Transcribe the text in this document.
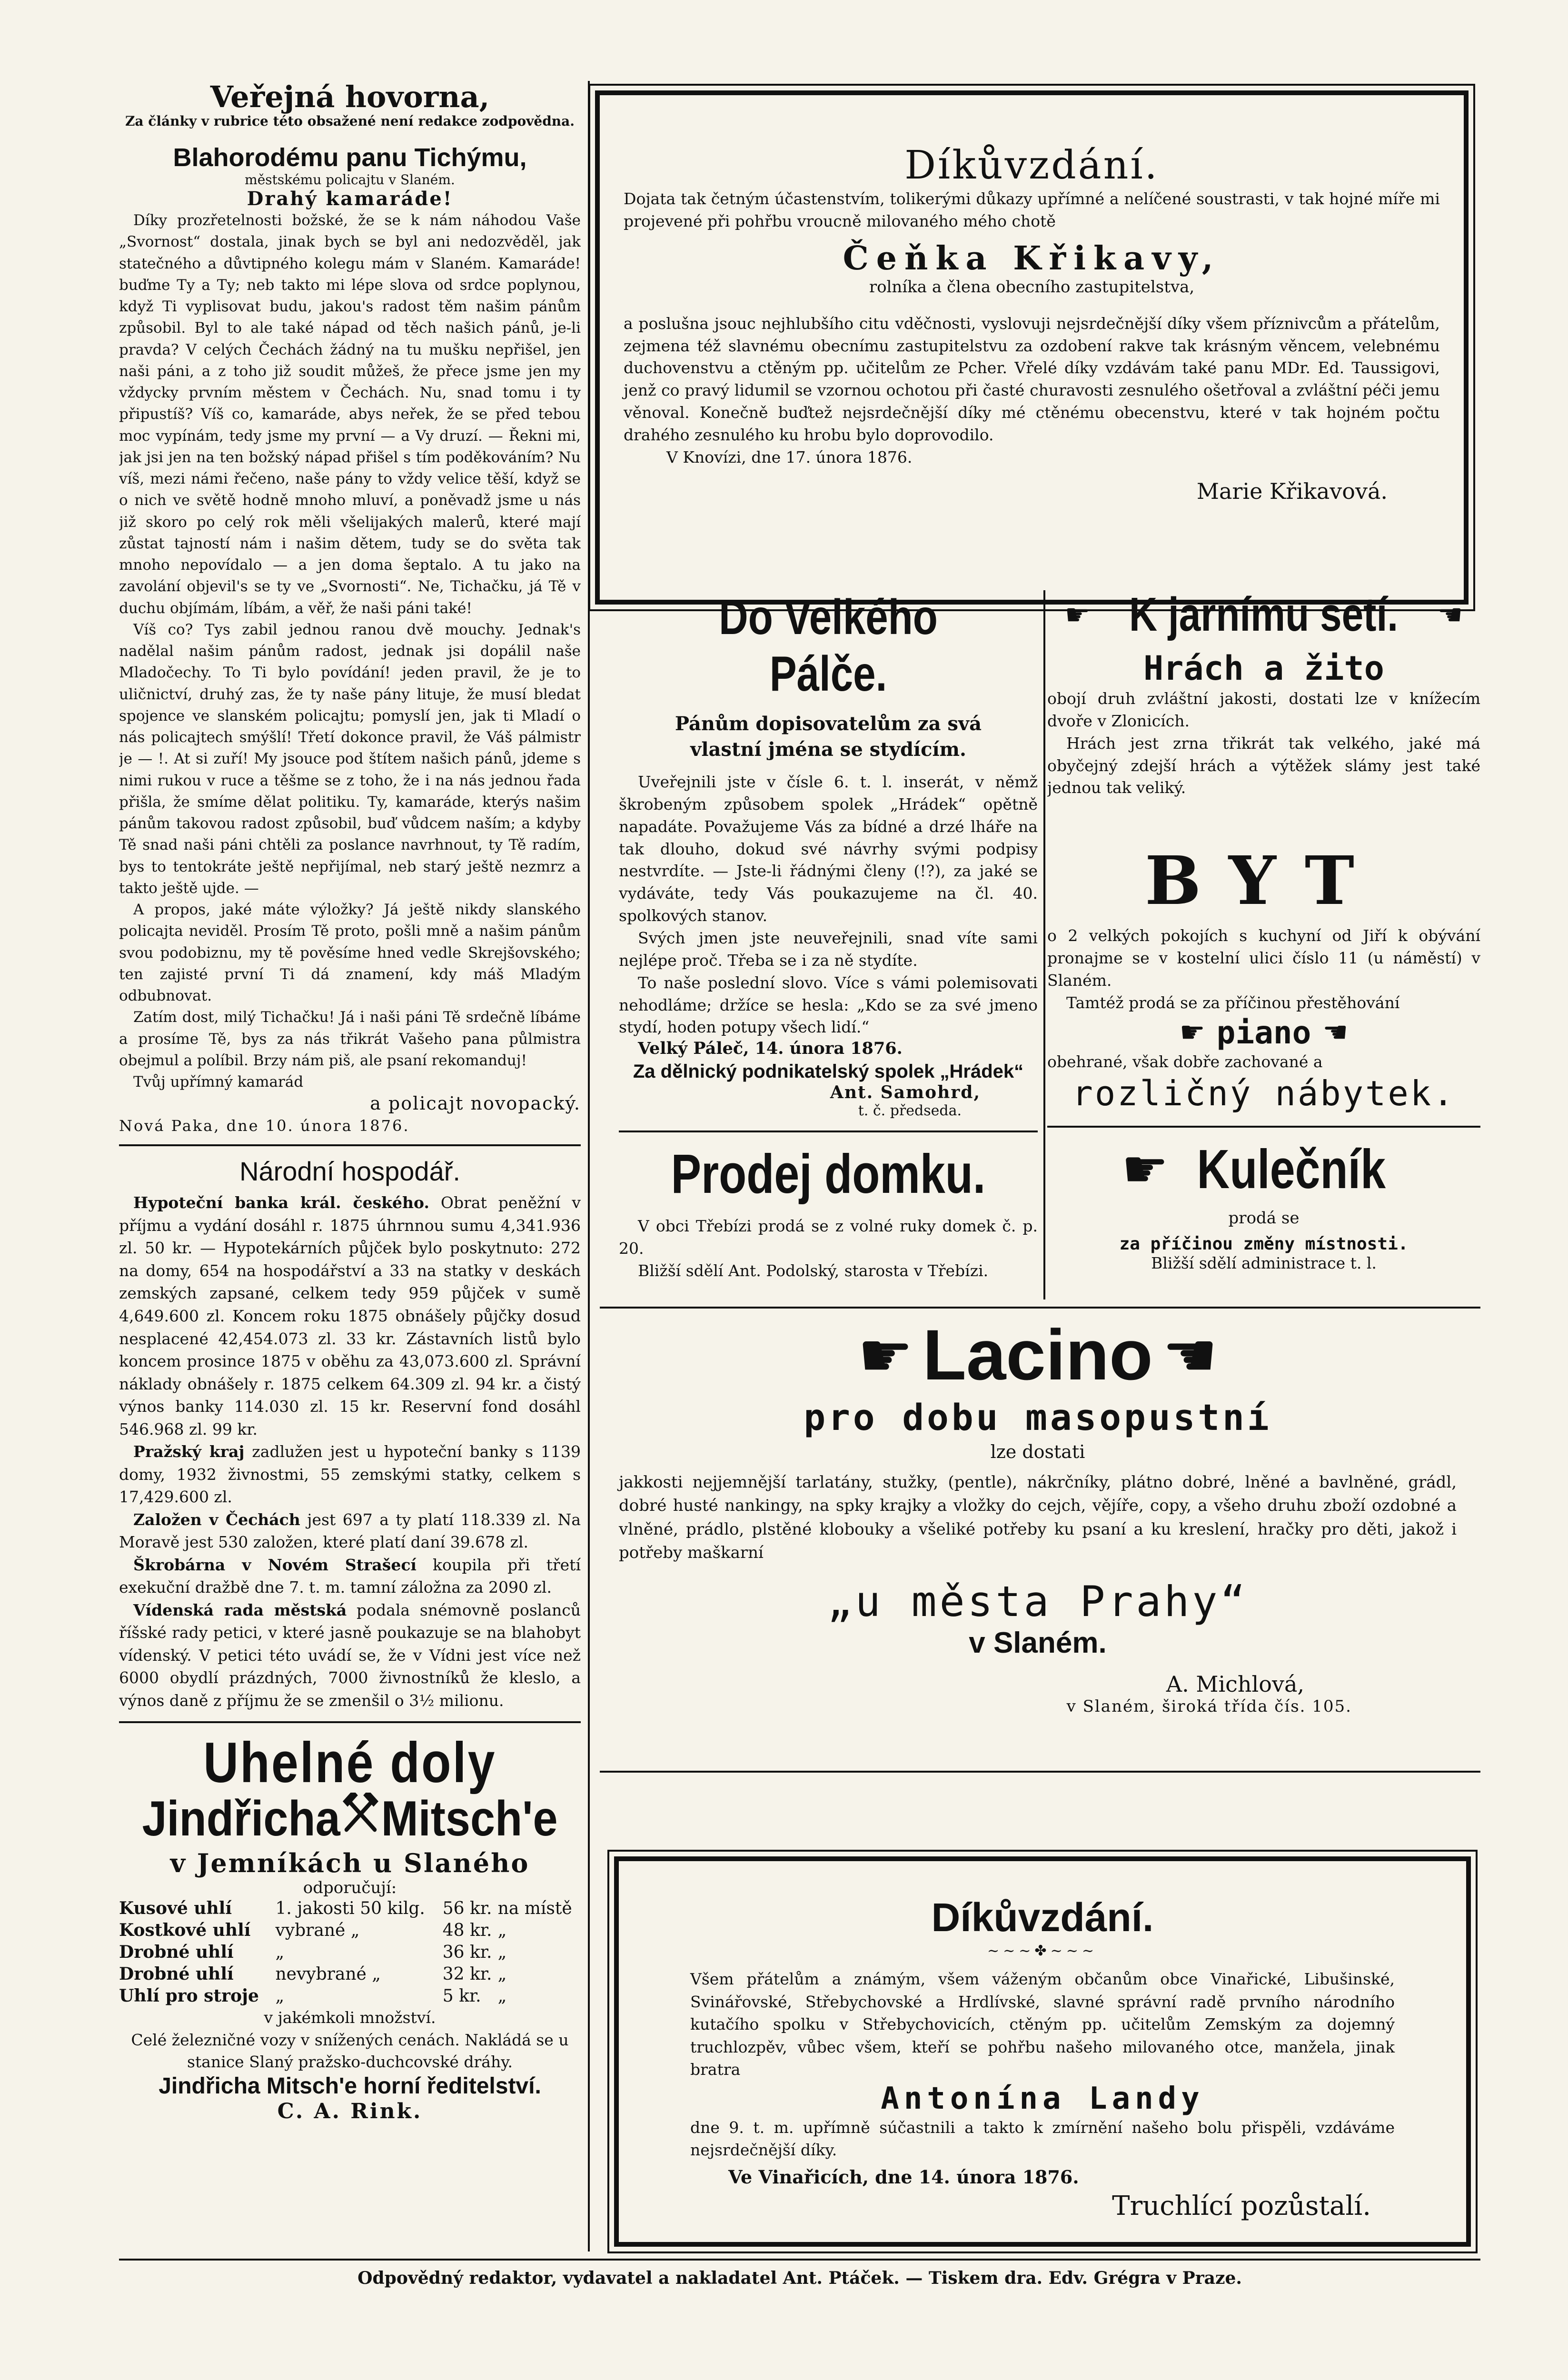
Veřejná hovorna,
Za články v rubrice této obsažené není redakce zodpovědna.
Blahorodému panu Tichýmu,
městskému policajtu v Slaném.
Drahý kamaráde!

Díky prozřetelnosti božské, že se k nám náhodou Vaše „Svornost“ dostala, jinak bych se byl ani nedozvěděl, jak statečného a důvtipného kolegu mám v Slaném. Kamaráde! buďme Ty a Ty; neb takto mi lépe slova od srdce poplynou, když Ti vyplisovat budu, jakou's radost těm našim pánům způsobil. Byl to ale také nápad od těch našich pánů, je-li pravda? V celých Čechách žádný na tu mušku nepřišel, jen naši páni, a z toho již soudit můžeš, že přece jsme jen my vždycky prvním městem v Čechách. Nu, snad tomu i ty připustíš? Víš co, kamaráde, abys neřek, že se před tebou moc vypínám, tedy jsme my první — a Vy druzí. — Řekni mi, jak jsi jen na ten božský nápad přišel s tím poděkováním? Nu víš, mezi námi řečeno, naše pány to vždy velice těší, když se o nich ve světě hodně mnoho mluví, a poněvadž jsme u nás již skoro po celý rok měli všelijakých malerů, které mají zůstat tajností nám i našim dětem, tudy se do světa tak mnoho nepovídalo — a jen doma šeptalo. A tu jako na zavolání objevil's se ty ve „Svornosti“. Ne, Tichačku, já Tě v duchu objímám, líbám, a věř, že naši páni také!

Víš co? Tys zabil jednou ranou dvě mouchy. Jednak's nadělal našim pánům radost, jednak jsi dopálil naše Mladočechy. To Ti bylo povídání! jeden pravil, že je to uličnictví, druhý zas, že ty naše pány lituje, že musí bledat spojence ve slanském policajtu; pomyslí jen, jak ti Mladí o nás policajtech smýšlí! Třetí dokonce pravil, že Váš pálmistr je — !. At si zuří! My jsouce pod štítem našich pánů, jdeme s nimi rukou v ruce a těšme se z toho, že i na nás jednou řada přišla, že smíme dělat politiku. Ty, kamaráde, kterýs našim pánům takovou radost způsobil, buď vůdcem naším; a kdyby Tě snad naši páni chtěli za poslance navrhnout, ty Tě radím, bys to tentokráte ještě nepřijímal, neb starý ještě nezmrz a takto ještě ujde. —

A propos, jaké máte výložky? Já ještě nikdy slanského policajta neviděl. Prosím Tě proto, pošli mně a našim pánům svou podobiznu, my tě pověsíme hned vedle Skrejšovského; ten zajisté první Ti dá znamení, kdy máš Mladým odbubnovat.

Zatím dost, milý Tichačku! Já i naši páni Tě srdečně líbáme a prosíme Tě, bys za nás třikrát Vašeho pana půlmistra obejmul a políbil. Brzy nám piš, ale psaní rekomanduj!

Tvůj upřímný kamarád

a policajt novopacký.
Nová Paka, dne 10. února 1876.
Národní hospodář.

Hypoteční banka král. českého. Obrat peněžní v příjmu a vydání dosáhl r. 1875 úhrnnou sumu 4,341.936 zl. 50 kr. — Hypotekárních půjček bylo poskytnuto: 272 na domy, 654 na hospodářství a 33 na statky v deskách zemských zapsané, celkem tedy 959 půjček v sumě 4,649.600 zl. Koncem roku 1875 obnášely půjčky dosud nesplacené 42,454.073 zl. 33 kr. Zástavních listů bylo koncem prosince 1875 v oběhu za 43,073.600 zl. Správní náklady obnášely r. 1875 celkem 64.309 zl. 94 kr. a čistý výnos banky 114.030 zl. 15 kr. Reservní fond dosáhl 546.968 zl. 99 kr.

Pražský kraj zadlužen jest u hypoteční banky s 1139 domy, 1932 živnostmi, 55 zemskými statky, celkem s 17,429.600 zl.

Založen v Čechách jest 697 a ty platí 118.339 zl. Na Moravě jest 530 založen, které platí daní 39.678 zl.

Škrobárna v Novém Strašecí koupila při třetí exekuční dražbě dne 7. t. m. tamní záložna za 2090 zl.

Vídenská rada městská podala snémovně poslanců říšské rady petici, v které jasně poukazuje se na blahobyt vídenský. V petici této uvádí se, že v Vídni jest více než 6000 obydlí prázdných, 7000 živnostníků že kleslo, a výnos daně z příjmu že se zmenšil o 3½ milionu.

Uhelné doly
Jindřicha Mitsch'e
v Jemníkách u Slaného
odporučují:
Kusové uhlí	1. jakosti 50 kilg.	56 kr.	na místě
Kostkové uhlí	vybrané „	48 kr.	„
Drobné uhlí	„	36 kr.	„
Drobné uhlí	nevybrané „	32 kr.	„
Uhlí pro stroje	„	5 kr.	„
v jakémkoli množství.
Celé železničné vozy v snížených cenách. Nakládá se u stanice Slaný pražsko-duchcovské dráhy.
Jindřicha Mitsch'e horní ředitelství.
C. A. Rink.
Díkůvzdání.
Dojata tak četným účastenstvím, tolikerými důkazy upřímné a nelíčené soustrasti, v tak hojné míře mi projevené při pohřbu vroucně milovaného mého chotě
Čeňka Křikavy,
rolníka a člena obecního zastupitelstva,
a poslušna jsouc nejhlubšího citu vděčnosti, vyslovuji nejsrdečnější díky všem příznivcům a přátelům, zejmena též slavnému obecnímu zastupitelstvu za ozdobení rakve tak krásným věncem, velebnému duchovenstvu a ctěným pp. učitelům ze Pcher. Vřelé díky vzdávám také panu MDr. Ed. Taussigovi, jenž co pravý lidumil se vzornou ochotou při časté churavosti zesnulého ošetřoval a zvláštní péči jemu věnoval. Konečně buďtež nejsrdečnější díky mé ctěnému obecenstvu, které v tak hojném počtu drahého zesnulého ku hrobu bylo doprovodilo.
V Knovízi, dne 17. února 1876.
Marie Křikavová.
Do Velkého Pálče.
Pánům dopisovatelům za svá vlastní jména se stydícím.

Uveřejnili jste v čísle 6. t. l. inserát, v němž škrobeným způsobem spolek „Hrádek“ opětně napadáte. Považujeme Vás za bídné a drzé lháře na tak dlouho, dokud své návrhy svými podpisy nestvrdíte. — Jste-li řádnými členy (!?), za jaké se vydáváte, tedy Vás poukazujeme na čl. 40. spolkových stanov.

Svých jmen jste neuveřejnili, snad víte sami nejlépe proč. Třeba se i za ně stydíte.

To naše poslední slovo. Více s vámi polemisovati nehodláme; držíce se hesla: „Kdo se za své jmeno stydí, hoden potupy všech lidí.“

Velký Páleč, 14. února 1876.
Za dělnický podnikatelský spolek „Hrádek“
Ant. Samohrd,
t. č. předseda.
Prodej domku.

V obci Třebízi prodá se z volné ruky domek č. p. 20.

Bližší sdělí Ant. Podolský, starosta v Třebízi.

☛ K jarnímu setí. ☚
Hrách a žito

obojí druh zvláštní jakosti, dostati lze v knížecím dvoře v Zlonicích.

Hrách jest zrna třikrát tak velkého, jaké má obyčejný zdejší hrách a výtěžek slámy jest také jednou tak veliký.

BYT

o 2 velkých pokojích s kuchyní od Jiří k obývání pronajme se v kostelní ulici číslo 11 (u náměstí) v Slaném.

Tamtéž prodá se za příčinou přestěhování

☛ piano ☚
obehrané, však dobře zachované a
rozličný nábytek.
☛ Kulečník
prodá se
za příčinou změny místnosti.
Bližší sdělí administrace t. l.
☛ Lacino ☚
pro dobu masopustní
lze dostati
jakkosti nejjemnější tarlatány, stužky, (pentle), nákrčníky, plátno dobré, lněné a bavlněné, grádl, dobré husté nankingy, na spky krajky a vložky do cejch, vějíře, copy, a všeho druhu zboží ozdobné a vlněné, prádlo, plstěné klobouky a všeliké potřeby ku psaní a ku kreslení, hračky pro děti, jakož i potřeby maškarní
„u města Prahy“
v Slaném.
A. Michlová,
v Slaném, široká třída čís. 105.
Díkůvzdání.
~~~✤~~~
Všem přátelům a známým, všem váženým občanům obce Vinařické, Libušinské, Svinářovské, Střebychovské a Hrdlívské, slavné správní radě prvního národního kutačího spolku v Střebychovicích, ctěným pp. učitelům Zemským za dojemný truchlozpěv, vůbec všem, kteří se pohřbu našeho milovaného otce, manžela, jinak bratra
Antonína Landy
dne 9. t. m. upřímně súčastnili a takto k zmírnění našeho bolu přispěli, vzdáváme nejsrdečnější díky.
Ve Vinařicích, dne 14. února 1876.
Truchlící pozůstalí.
Odpovědný redaktor, vydavatel a nakladatel Ant. Ptáček. — Tiskem dra. Edv. Grégra v Praze.
